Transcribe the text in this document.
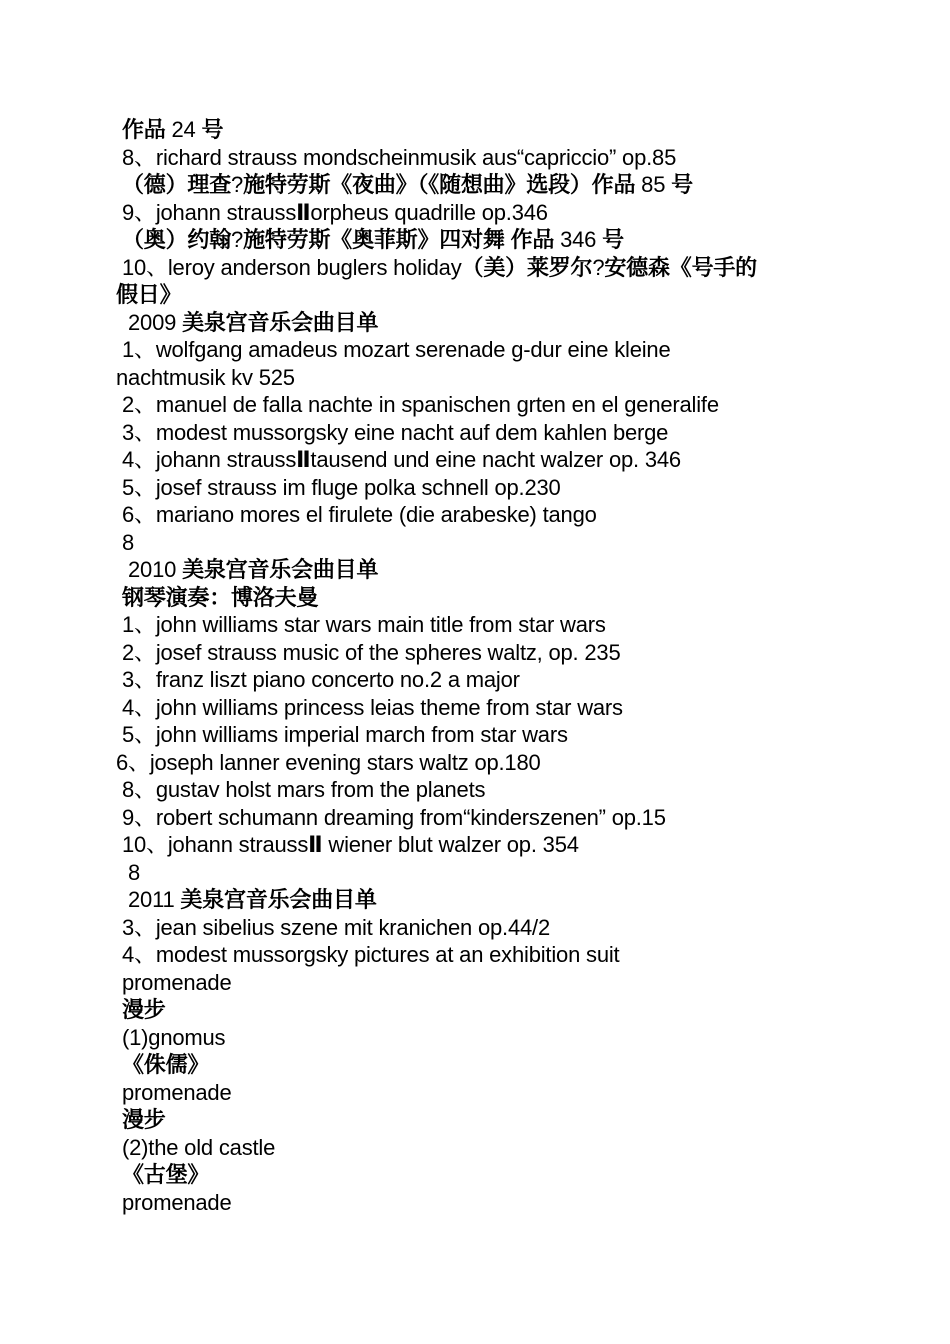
作品 24 号
8、richard strauss mondscheinmusik aus“capriccio” op.85
（德）理查?施特劳斯《夜曲》（《随想曲》选段）作品 85 号
9、johann straussⅡorpheus quadrille op.346
（奥）约翰?施特劳斯《奥菲斯》四对舞 作品 346 号
10、leroy anderson buglers holiday（美）莱罗尔?安德森《号手的
假日》
2009 美泉宫音乐会曲目单
1、wolfgang amadeus mozart serenade g-dur eine kleine
nachtmusik kv 525
2、manuel de falla nachte in spanischen grten en el generalife
3、modest mussorgsky eine nacht auf dem kahlen berge
4、johann straussⅡtausend und eine nacht walzer op. 346
5、josef strauss im fluge polka schnell op.230
6、mariano mores el firulete (die arabeske) tango
8
2010 美泉宫音乐会曲目单
钢琴演奏：博洛夫曼
1、john williams star wars main title from star wars
2、josef strauss music of the spheres waltz, op. 235
3、franz liszt piano concerto no.2 a major
4、john williams princess leias theme from star wars
5、john williams imperial march from star wars
6、joseph lanner evening stars waltz op.180
8、gustav holst mars from the planets
9、robert schumann dreaming from“kinderszenen” op.15
10、johann straussⅡ wiener blut walzer op. 354
8
2011 美泉宫音乐会曲目单
3、jean sibelius szene mit kranichen op.44/2
4、modest mussorgsky pictures at an exhibition suit
promenade
漫步
(1)gnomus
《侏儒》
promenade
漫步
(2)the old castle
《古堡》
promenade
